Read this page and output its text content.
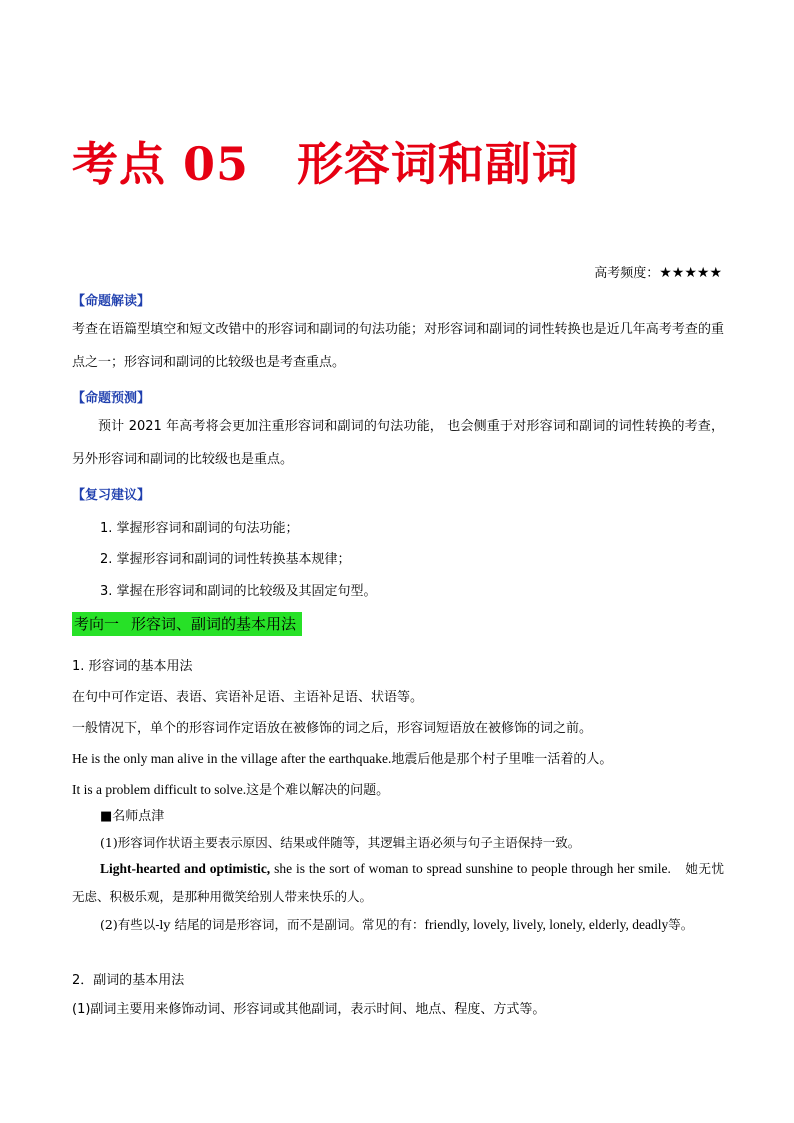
考点 05 形容词和副词
高考频度：★★★★★
【命题解读】
考查在语篇型填空和短文改错中的形容词和副词的句法功能；对形容词和副词的词性转换也是近几年高考考查的重点之一；形容词和副词的比较级也是考查重点。
【命题预测】
预计 2021 年高考将会更加注重形容词和副词的句法功能， 也会侧重于对形容词和副词的词性转换的考查，另外形容词和副词的比较级也是重点。
【复习建议】
1. 掌握形容词和副词的句法功能；
2. 掌握形容词和副词的词性转换基本规律；
3. 掌握在形容词和副词的比较级及其固定句型。
考向一 形容词、副词的基本用法
1. 形容词的基本用法
在句中可作定语、表语、宾语补足语、主语补足语、状语等。
一般情况下，单个的形容词作定语放在被修饰的词之后，形容词短语放在被修饰的词之前。
He is the only man alive in the village after the earthquake.地震后他是那个村子里唯一活着的人。
It is a problem difficult to solve.这是个难以解决的问题。
■名师点津
(1)形容词作状语主要表示原因、结果或伴随等，其逻辑主语必须与句子主语保持一致。
Light-hearted and optimistic, she is the sort of woman to spread sunshine to people through her smile. 她无忧无虑、积极乐观，是那种用微笑给别人带来快乐的人。
(2)有些以-ly 结尾的词是形容词，而不是副词。常见的有：friendly, lovely, lively, lonely, elderly, deadly等。
2．副词的基本用法
(1)副词主要用来修饰动词、形容词或其他副词，表示时间、地点、程度、方式等。
